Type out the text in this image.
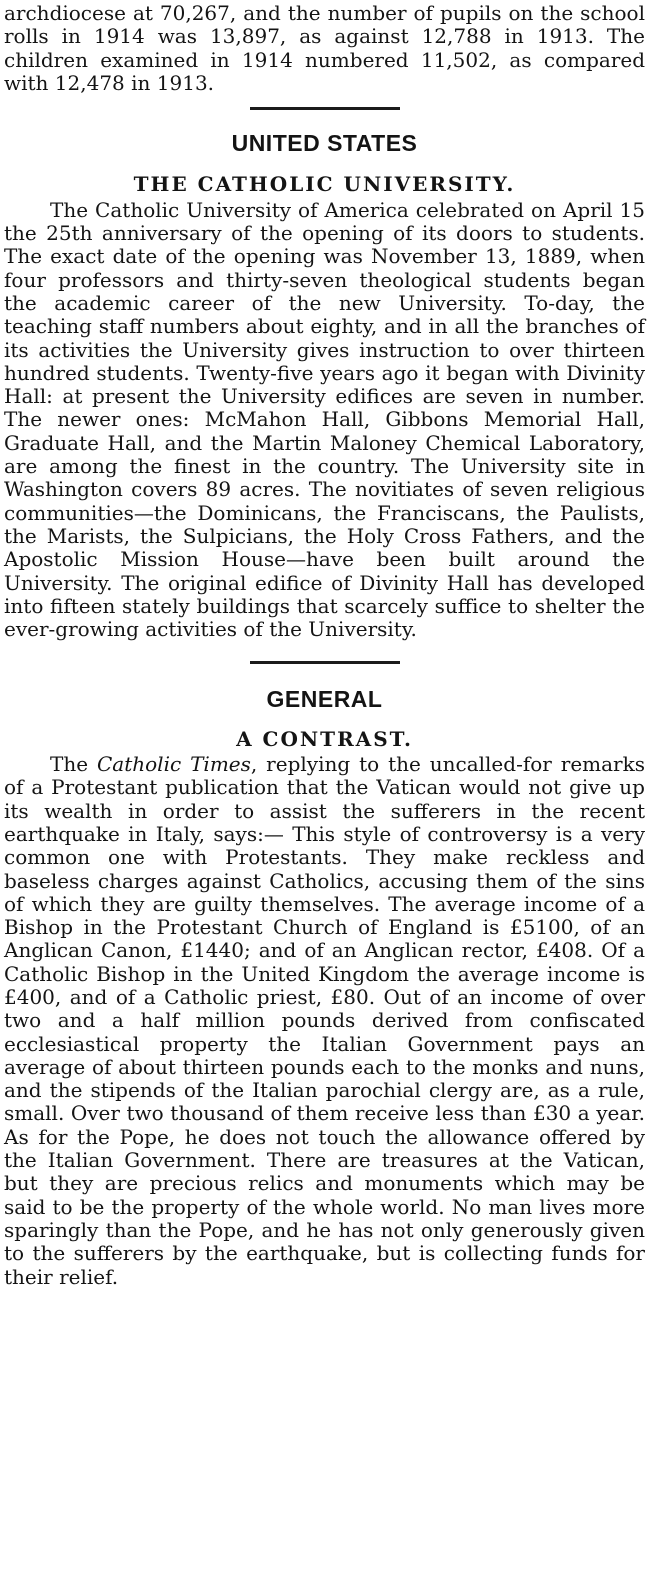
archdiocese at 70,267, and the number of pupils on the school rolls in 1914 was 13,897, as against 12,788 in 1913. The children examined in 1914 numbered 11,502, as compared with 12,478 in 1913.

UNITED STATES
THE CATHOLIC UNIVERSITY.

The Catholic University of America celebrated on April 15 the 25th anniversary of the opening of its doors to students. The exact date of the opening was November 13, 1889, when four professors and thirty-seven theological students began the academic career of the new University. To-day, the teaching staff numbers about eighty, and in all the branches of its activities the University gives instruction to over thirteen hundred students. Twenty-five years ago it began with Divinity Hall: at present the University edifices are seven in number. The newer ones: McMahon Hall, Gibbons Memorial Hall, Graduate Hall, and the Martin Maloney Chemical Laboratory, are among the finest in the country. The University site in Washington covers 89 acres. The novitiates of seven religious communities—the Dominicans, the Franciscans, the Paulists, the Marists, the Sulpicians, the Holy Cross Fathers, and the Apostolic Mission House—have been built around the University. The original edifice of Divinity Hall has developed into fifteen stately buildings that scarcely suffice to shelter the ever-growing activities of the University.

GENERAL
A CONTRAST.

The Catholic Times, replying to the uncalled-for remarks of a Protestant publication that the Vatican would not give up its wealth in order to assist the sufferers in the recent earthquake in Italy, says:— This style of controversy is a very common one with Protestants. They make reckless and baseless charges against Catholics, accusing them of the sins of which they are guilty themselves. The average income of a Bishop in the Protestant Church of England is £5100, of an Anglican Canon, £1440; and of an Anglican rector, £408. Of a Catholic Bishop in the United Kingdom the average income is £400, and of a Catholic priest, £80. Out of an income of over two and a half million pounds derived from confiscated ecclesiastical property the Italian Government pays an average of about thirteen pounds each to the monks and nuns, and the stipends of the Italian parochial clergy are, as a rule, small. Over two thousand of them receive less than £30 a year. As for the Pope, he does not touch the allowance offered by the Italian Government. There are treasures at the Vatican, but they are precious relics and monuments which may be said to be the property of the whole world. No man lives more sparingly than the Pope, and he has not only generously given to the sufferers by the earthquake, but is collecting funds for their relief.
